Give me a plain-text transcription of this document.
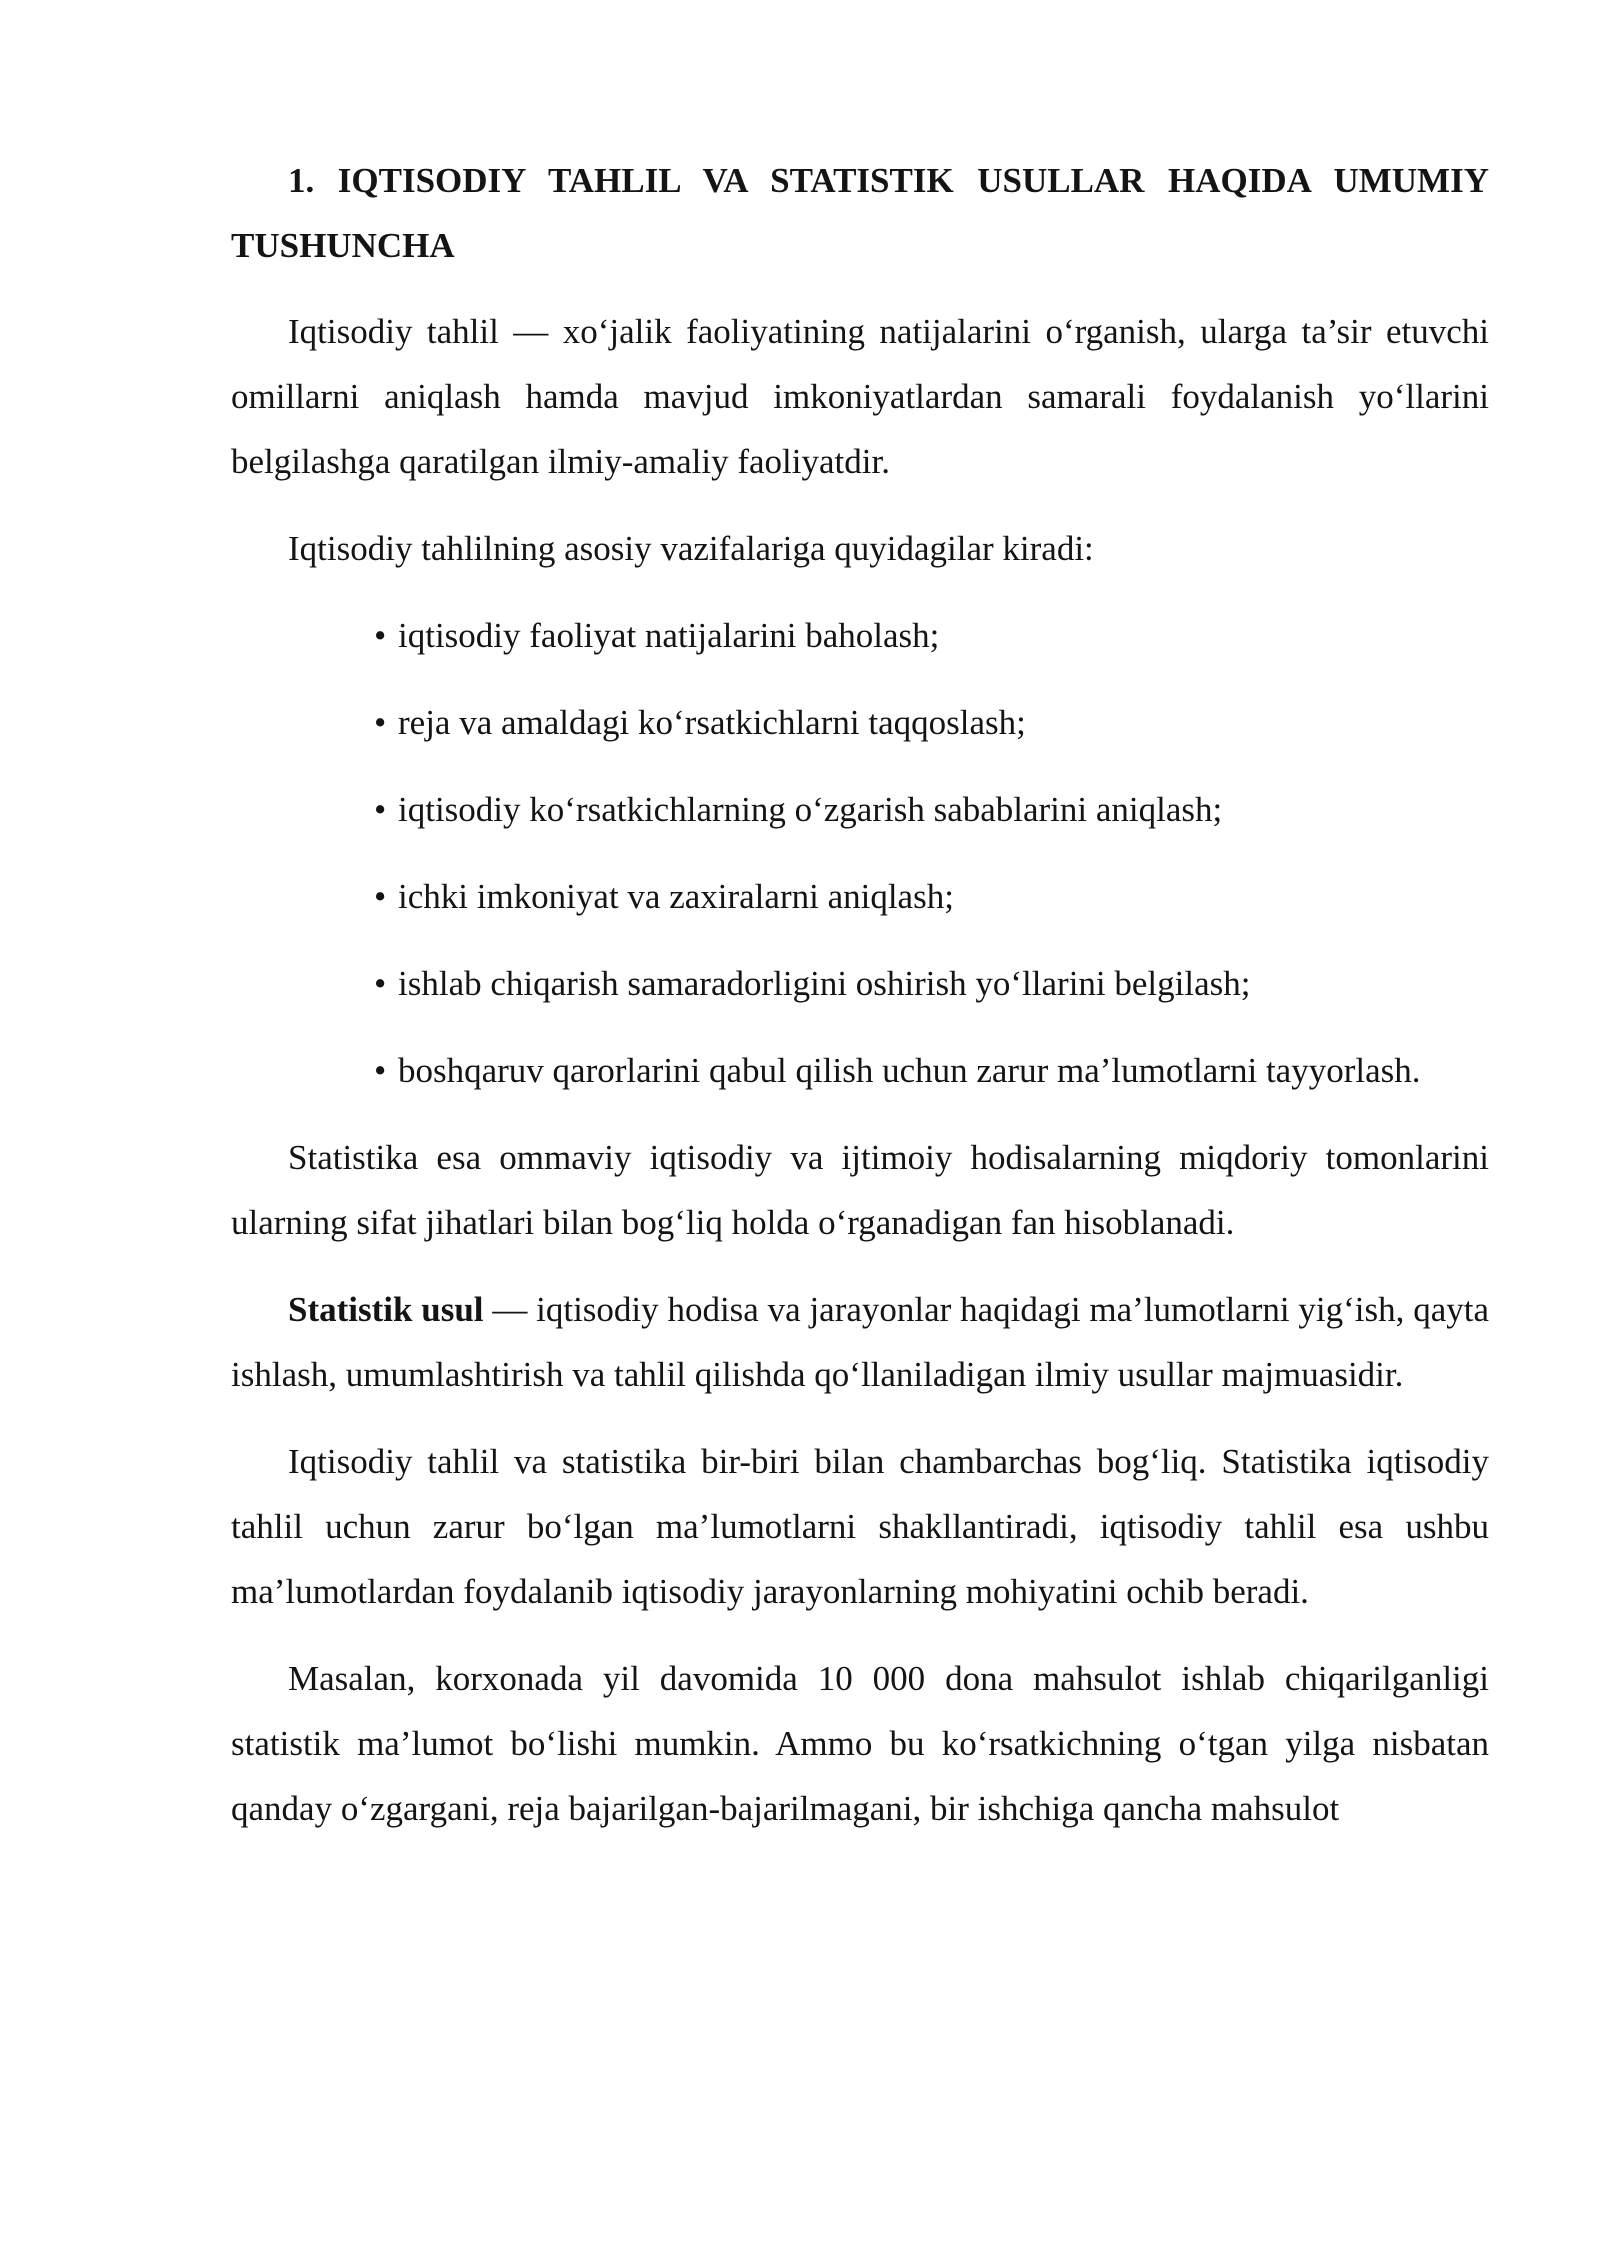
1. IQTISODIY TAHLIL VA STATISTIK USULLAR HAQIDA UMUMIY TUSHUNCHA

Iqtisodiy tahlil — xo‘jalik faoliyatining natijalarini o‘rganish, ularga ta’sir etuvchi omillarni aniqlash hamda mavjud imkoniyatlardan samarali foydalanish yo‘llarini belgilashga qaratilgan ilmiy-amaliy faoliyatdir.

Iqtisodiy tahlilning asosiy vazifalariga quyidagilar kiradi:

• iqtisodiy faoliyat natijalarini baholash;
• reja va amaldagi ko‘rsatkichlarni taqqoslash;
• iqtisodiy ko‘rsatkichlarning o‘zgarish sabablarini aniqlash;
• ichki imkoniyat va zaxiralarni aniqlash;
• ishlab chiqarish samaradorligini oshirish yo‘llarini belgilash;
• boshqaruv qarorlarini qabul qilish uchun zarur ma’lumotlarni tayyorlash.

Statistika esa ommaviy iqtisodiy va ijtimoiy hodisalarning miqdoriy tomonlarini ularning sifat jihatlari bilan bog‘liq holda o‘rganadigan fan hisoblanadi.

Statistik usul — iqtisodiy hodisa va jarayonlar haqidagi ma’lumotlarni yig‘ish, qayta ishlash, umumlashtirish va tahlil qilishda qo‘llaniladigan ilmiy usullar majmuasidir.

Iqtisodiy tahlil va statistika bir-biri bilan chambarchas bog‘liq. Statistika iqtisodiy tahlil uchun zarur bo‘lgan ma’lumotlarni shakllantiradi, iqtisodiy tahlil esa ushbu ma’lumotlardan foydalanib iqtisodiy jarayonlarning mohiyatini ochib beradi.

Masalan, korxonada yil davomida 10 000 dona mahsulot ishlab chiqarilganligi statistik ma’lumot bo‘lishi mumkin. Ammo bu ko‘rsatkichning o‘tgan yilga nisbatan qanday o‘zgargani, reja bajarilgan-bajarilmagani, bir ishchiga qancha mahsulot
